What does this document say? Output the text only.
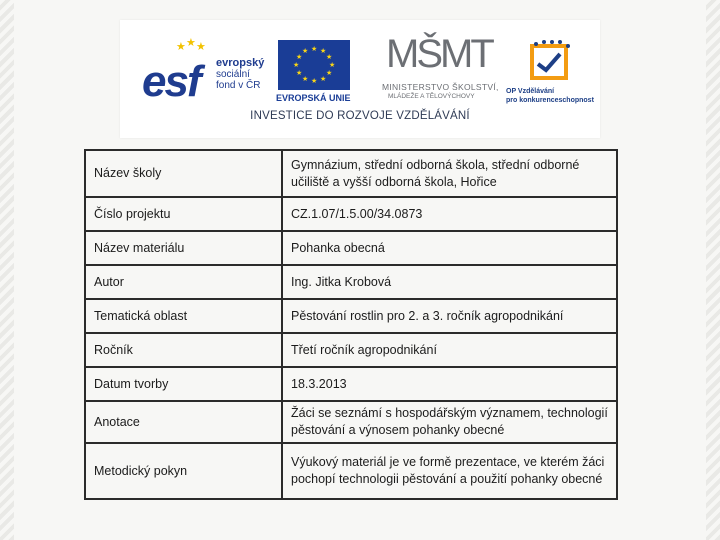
★ ★ ★
esf evropský
sociální
fond v ČR
★ ★
★
★
★
★
★
★
★
★
★
★
EVROPSKÁ UNIE
MŠMT
MINISTERSTVO ŠKOLSTVÍ,
MLÁDEŽE A TĚLOVÝCHOVY
OP Vzdělávání
pro konkurenceschopnost
INVESTICE DO ROZVOJE VZDĚLÁVÁNÍ
Název školy	Gymnázium, střední odborná škola, střední odborné učiliště a vyšší odborná škola, Hořice
Číslo projektu	CZ.1.07/1.5.00/34.0873
Název materiálu	Pohanka obecná
Autor	Ing. Jitka Krobová
Tematická oblast	Pěstování rostlin pro 2. a 3. ročník agropodnikání
Ročník	Třetí ročník agropodnikání
Datum tvorby	18.3.2013
Anotace	Žáci se seznámí s hospodářským významem, technologií pěstování a výnosem pohanky obecné
Metodický pokyn	Výukový materiál je ve formě prezentace, ve kterém žáci pochopí technologii pěstování a použití pohanky obecné
